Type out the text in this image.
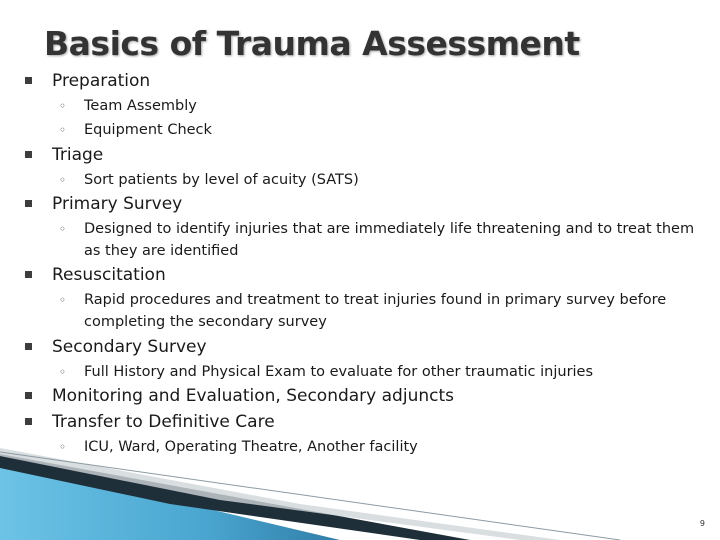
Basics of Trauma Assessment
Preparation
◦ Team Assembly
◦ Equipment Check
Triage
◦ Sort patients by level of acuity (SATS)
Primary Survey
◦ Designed to identify injuries that are immediately life threatening and to treat them as they are identified
Resuscitation
◦ Rapid procedures and treatment to treat injuries found in primary survey before completing the secondary survey
Secondary Survey
◦ Full History and Physical Exam to evaluate for other traumatic injuries
Monitoring and Evaluation, Secondary adjuncts
Transfer to Definitive Care
◦ ICU, Ward, Operating Theatre, Another facility
9
